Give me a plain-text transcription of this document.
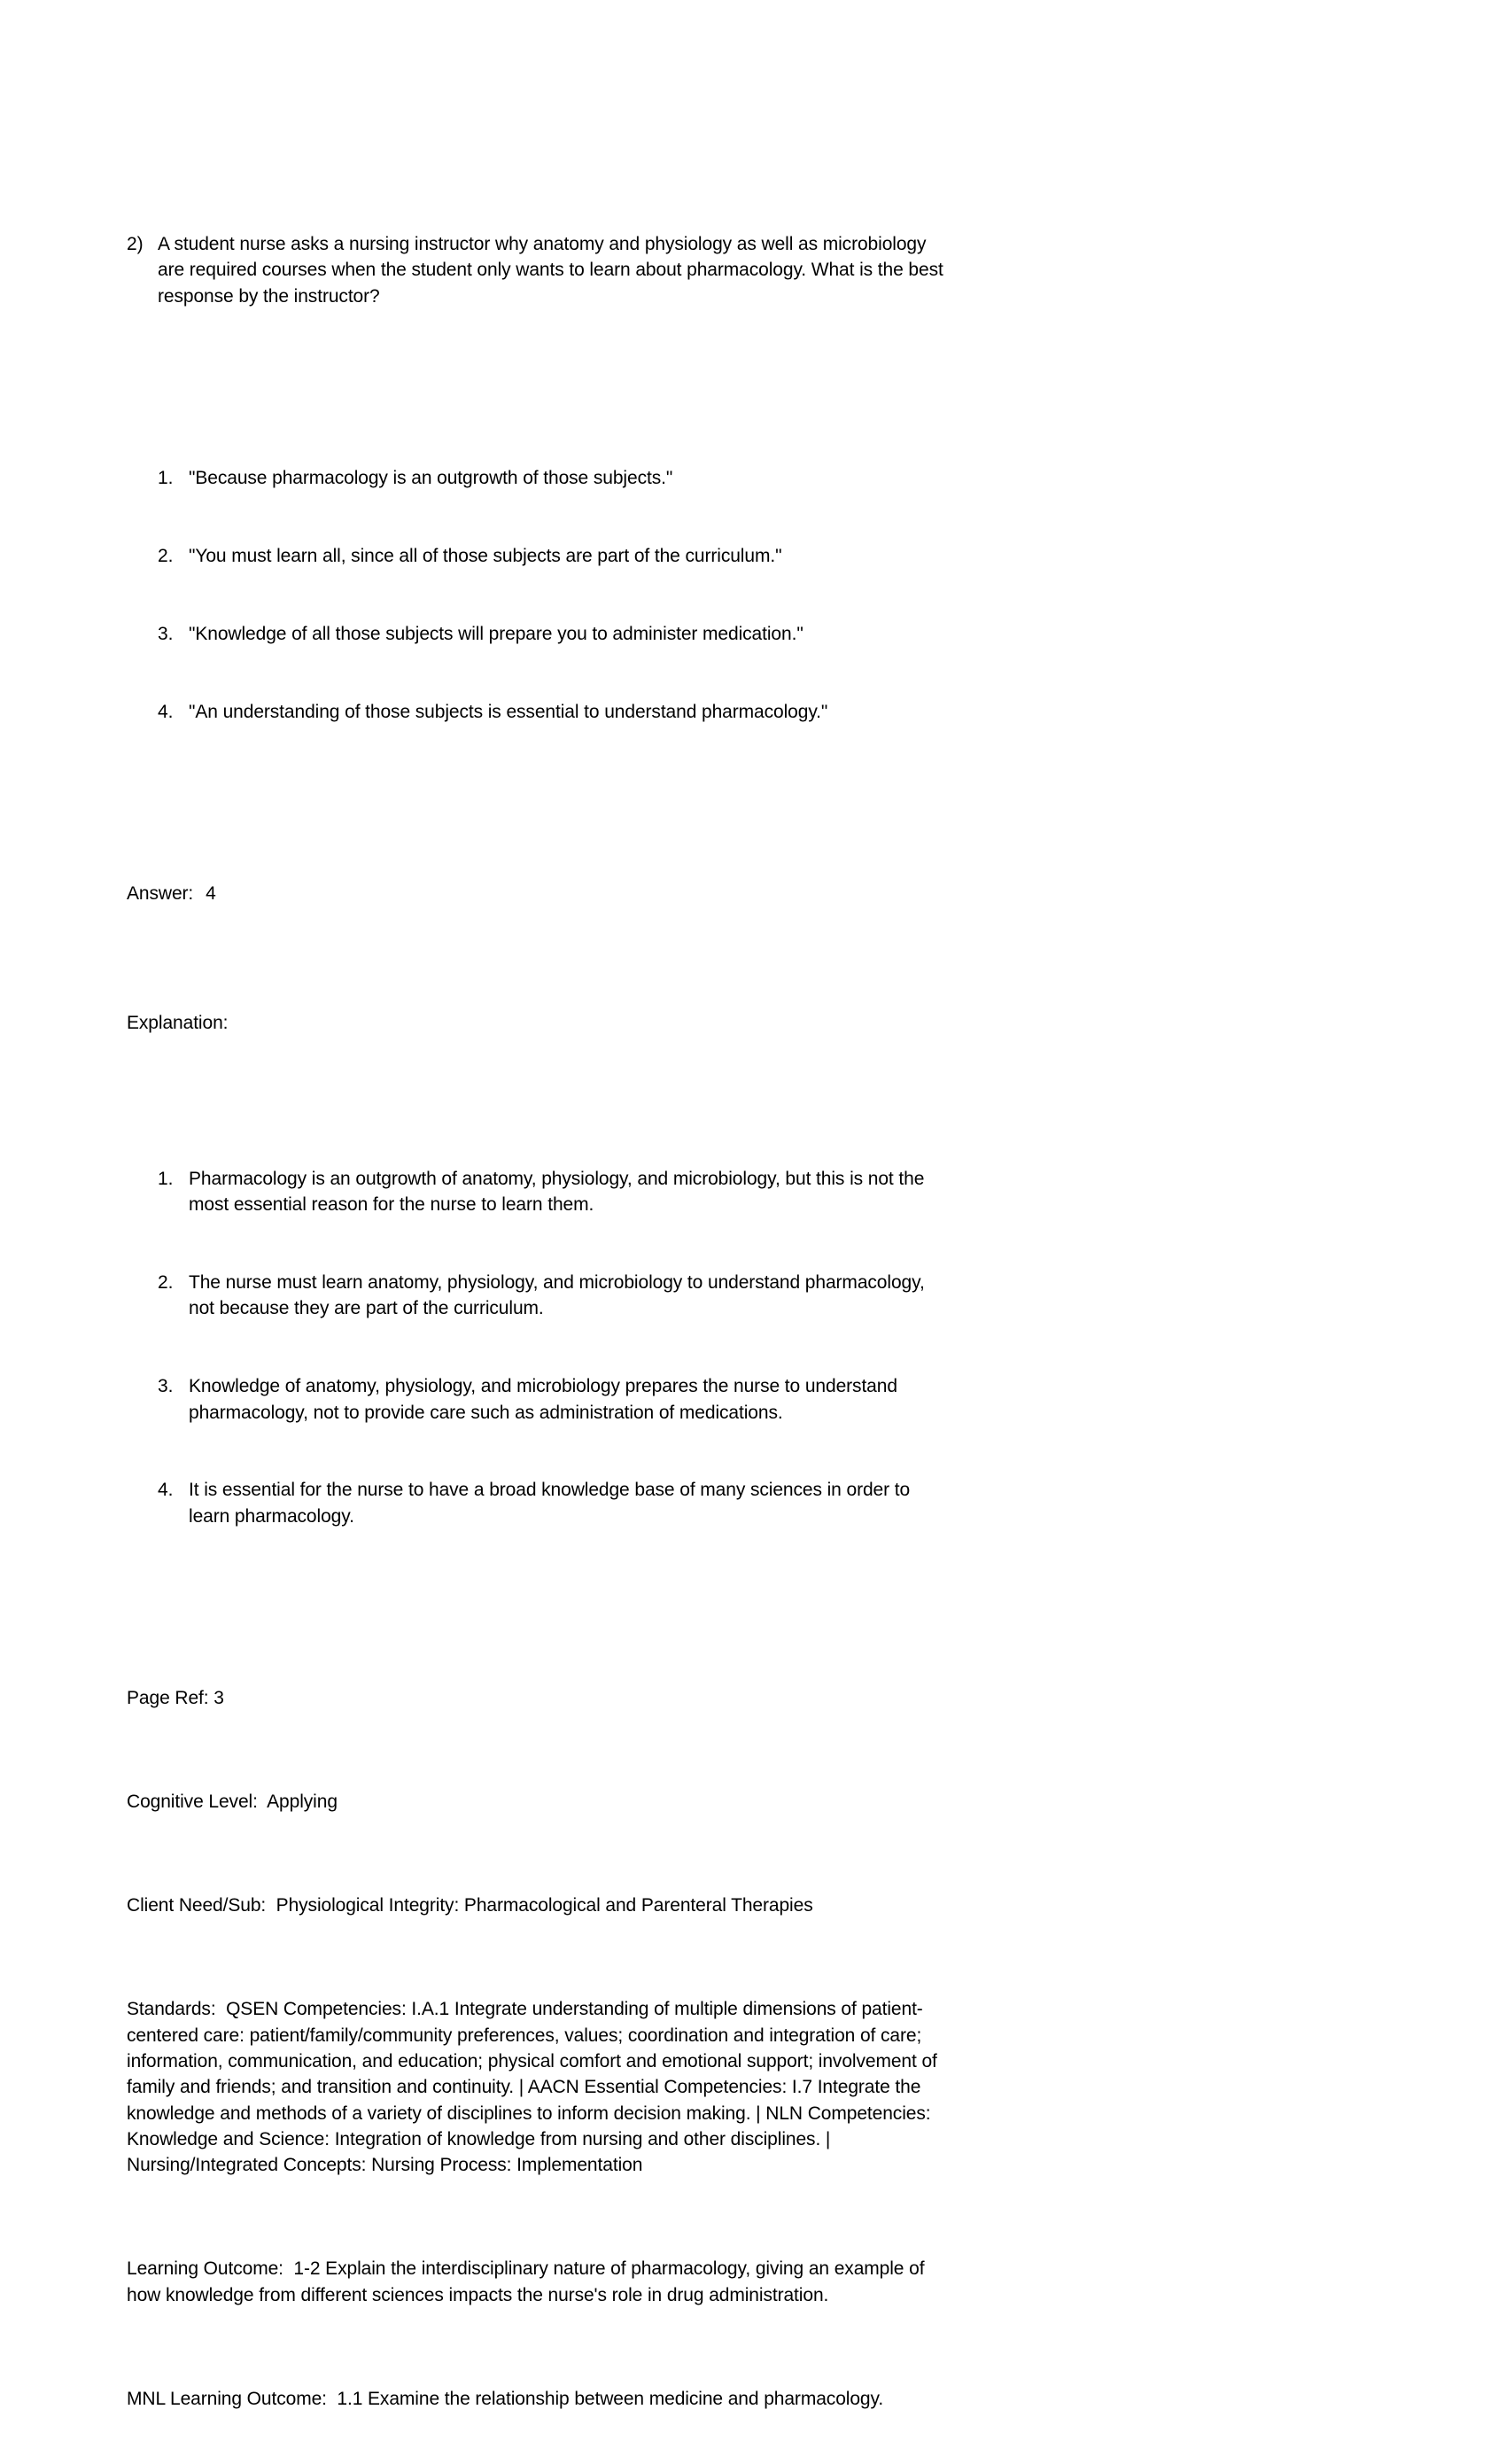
2) A student nurse asks a nursing instructor why anatomy and physiology as well as microbiology are required courses when the student only wants to learn about pharmacology. What is the best response by the instructor?

1. "Because pharmacology is an outgrowth of those subjects."

2. "You must learn all, since all of those subjects are part of the curriculum."

3. "Knowledge of all those subjects will prepare you to administer medication."

4. "An understanding of those subjects is essential to understand pharmacology."

Answer: 4

Explanation:

1. Pharmacology is an outgrowth of anatomy, physiology, and microbiology, but this is not the most essential reason for the nurse to learn them.

2. The nurse must learn anatomy, physiology, and microbiology to understand pharmacology, not because they are part of the curriculum.

3. Knowledge of anatomy, physiology, and microbiology prepares the nurse to understand pharmacology, not to provide care such as administration of medications.

4. It is essential for the nurse to have a broad knowledge base of many sciences in order to learn pharmacology.

Page Ref: 3

Cognitive Level: Applying

Client Need/Sub: Physiological Integrity: Pharmacological and Parenteral Therapies

Standards: QSEN Competencies: I.A.1 Integrate understanding of multiple dimensions of patient-centered care: patient/family/community preferences, values; coordination and integration of care; information, communication, and education; physical comfort and emotional support; involvement of family and friends; and transition and continuity. | AACN Essential Competencies: I.7 Integrate the knowledge and methods of a variety of disciplines to inform decision making. | NLN Competencies: Knowledge and Science: Integration of knowledge from nursing and other disciplines. | Nursing/Integrated Concepts: Nursing Process: Implementation

Learning Outcome: 1-2 Explain the interdisciplinary nature of pharmacology, giving an example of how knowledge from different sciences impacts the nurse's role in drug administration.

MNL Learning Outcome: 1.1 Examine the relationship between medicine and pharmacology.
